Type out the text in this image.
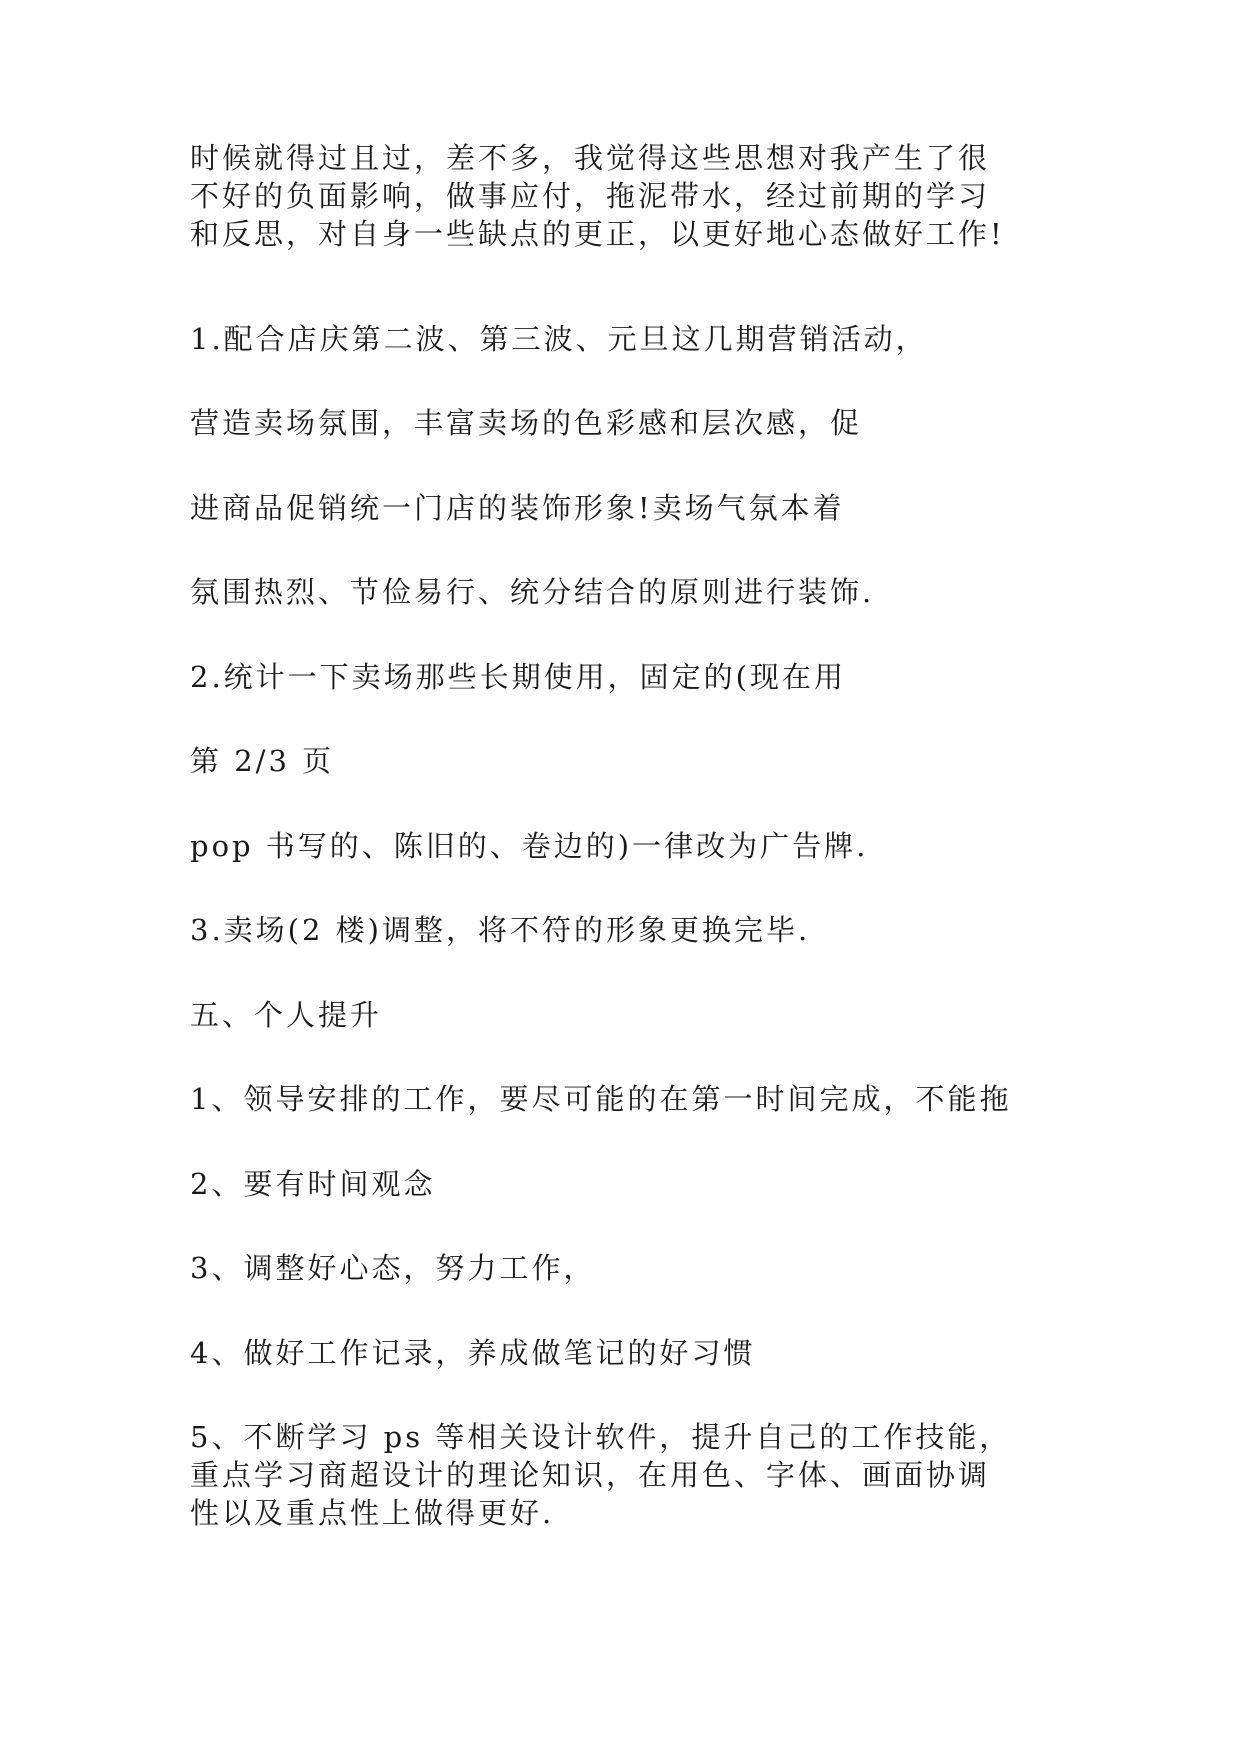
时候就得过且过，差不多，我觉得这些思想对我产生了很

不好的负面影响，做事应付，拖泥带水，经过前期的学习

和反思，对自身一些缺点的更正，以更好地心态做好工作!

1.配合店庆第二波、第三波、元旦这几期营销活动，

营造卖场氛围，丰富卖场的色彩感和层次感，促

进商品促销统一门店的装饰形象!卖场气氛本着

氛围热烈、节俭易行、统分结合的原则进行装饰.

2.统计一下卖场那些长期使用，固定的(现在用

第 2/3 页

pop 书写的、陈旧的、卷边的)一律改为广告牌.

3.卖场(2 楼)调整，将不符的形象更换完毕.

五、个人提升

1、领导安排的工作，要尽可能的在第一时间完成，不能拖

2、要有时间观念

3、调整好心态，努力工作，

4、做好工作记录，养成做笔记的好习惯

5、不断学习 ps 等相关设计软件，提升自己的工作技能，

重点学习商超设计的理论知识，在用色、字体、画面协调

性以及重点性上做得更好.
